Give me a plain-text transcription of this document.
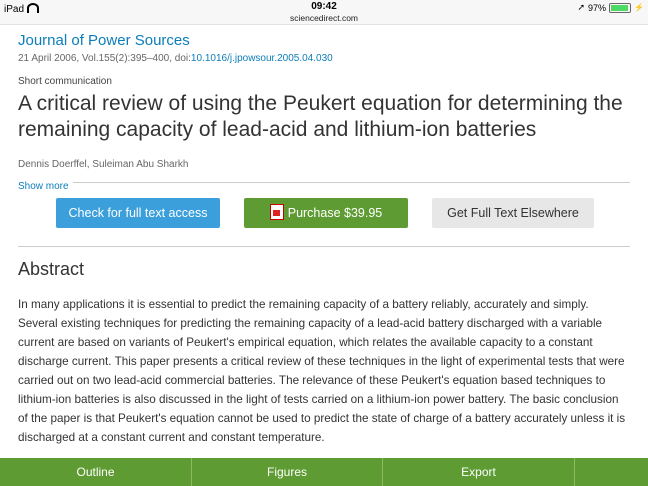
iPad	09:42
sciencedirect.com
➚ 97%	⚡
Journal of Power Sources
21 April 2006, Vol.155(2):395–400, doi:10.1016/j.jpowsour.2005.04.030
Short communication
A critical review of using the Peukert equation for determining the remaining capacity of lead-acid and lithium-ion batteries
Dennis Doerffel, Suleiman Abu Sharkh
Show more
Check for full text access	Purchase $39.95	Get Full Text Elsewhere
Abstract
In many applications it is essential to predict the remaining capacity of a battery reliably, accurately and simply. Several existing techniques for predicting the remaining capacity of a lead-acid battery discharged with a variable current are based on variants of Peukert's empirical equation, which relates the available capacity to a constant discharge current. This paper presents a critical review of these techniques in the light of experimental tests that were carried out on two lead-acid commercial batteries. The relevance of these Peukert's equation based techniques to lithium-ion batteries is also discussed in the light of tests carried on a lithium-ion power battery. The basic conclusion of the paper is that Peukert's equation cannot be used to predict the state of charge of a battery accurately unless it is discharged at a constant current and constant temperature.
Outline	Figures	Export
